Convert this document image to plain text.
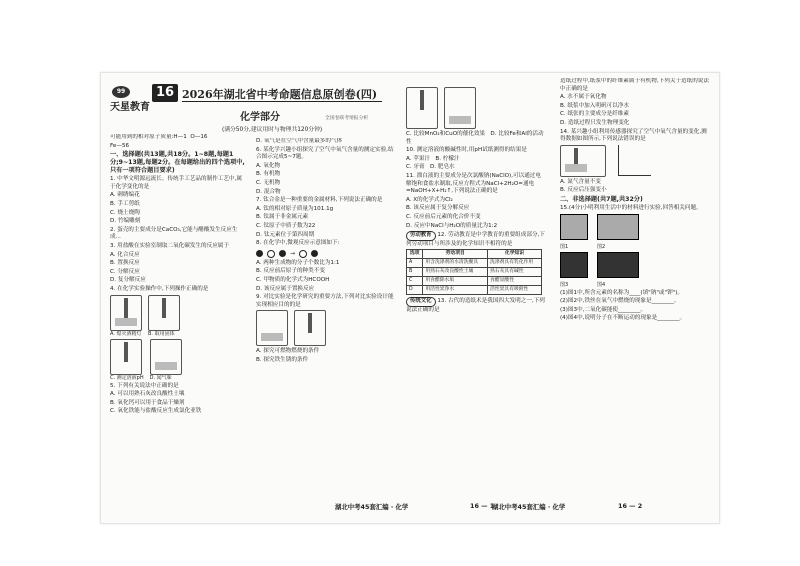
99
天星教育
16 2026年湖北省中考命题信息原创卷(四)
化学部分
(满分50分,建议用时与物理共120分钟)
全国卷联考情报分析

可能用到的相对原子质量:H—1  O—16

Fe—56

一、选择题(共13题,共18分。1~8题,每题1分;9~13题,每题2分。在每题给出的四个选项中,只有一项符合题目要求)

1. 中华文明源远流长。传统手工艺品的制作工艺中,属于化学变化的是

A. 刺绣编花

B. 手工剪纸

C. 烧土烧陶

D. 竹编雕刻

2. 蛋壳的主要成分是CaCO₃,它能与醋酸发生反应生成...

3. 用盐酸在实验室制取二氧化碳发生的反应属于

A. 化合反应

B. 置换反应

C. 分解反应

D. 复分解反应

4. 在化学实验操作中,下列操作正确的是

A. 熄灭酒精灯 B. 取用固体
C. 测定溶液pH D. 闻气味

5. 下列有关说法中正确的是

A. 可以用熟石灰改良酸性土壤

B. 氧化钙可以用于食品干燥剂

C. 氧化铁能与盐酸反应生成氯化亚铁

D. 氧气是在空气中含量最多的气体

6. 某化学兴趣小组探究了空气中氧气含量的测定实验,结合图示完成5~7题。

A. 氧化物

B. 有机物

C. 无机物

D. 混合物

7. 钛合金是一种重要的金属材料,下列说法正确的是

A. 钛的相对原子质量为101.1g

B. 钛属于非金属元素

C. 钛原子中质子数为22

D. 钛元素位于第四周期

8. 在化学中,微观反应示意图如下:

→

A. 两种生成物的分子个数比为1:1

B. 反应前后原子的种类不变

C. 甲物质的化学式为HCOOH

D. 该反应属于置换反应

9. 对比实验是化学研究的重要方法,下列对比实验设计能实现相应目的的是

A. 探究可燃物燃烧的条件

B. 探究铁生锈的条件

C. 比较MnO₂和CuO的催化效果   D. 比较Fe和Al的活动性

10. 测定溶液的酸碱性时,用pH试纸测得的结果是

A. 苹果汁 B. 柠檬汁

C. 牙膏 D. 肥皂水

11. 漂白液的主要成分是次氯酸钠(NaClO),可以通过电解饱和食盐水制取,反应方程式为NaCl+2H₂O=通电=NaOH+X+H₂↑,下列说法正确的是

A. X的化学式为Cl₂

B. 该反应属于复分解反应

C. 反应前后元素的化合价不变

D. 反应中NaCl与H₂O的质量比为1:2

劳动教育 12. 劳动教育是中学教育的重要组成部分,下列劳动项目与所涉及的化学知识不相符的是

选项	劳动项目	化学知识
A	用含洗涤剂的水清洗餐具	洗涤剂具有乳化作用
B	用熟石灰改良酸性土壤	熟石灰具有碱性
C	用食醋除水垢	食醋显酸性
D	用活性炭净水	活性炭具有吸附性

传统文化 13. 古代的造纸术是我国四大发明之一,下列说法正确的是

造纸过程中,纸浆中的纤维素属于有机物,下列关于造纸的说法中正确的是

A. 水不属于氧化物

B. 纸浆中加入明矾可以净水

C. 纸张的主要成分是纤维素

D. 造纸过程只发生物理变化

14. 某兴趣小组利用传感器探究了空气中氧气含量的变化,测得数据如图所示,下列说法错误的是

A. 氮气含量不变

B. 反应后压强变小

二、非选择题(共7题,共32分)

15.(4分)小明利用生活中的材料进行实验,回答相关问题。

图1	图2
图3	图4

(1)图1中,所含元素的名称为____(填"钠"或"钾")。

(2)图2中,铁丝在氧气中燃烧的现象是________。

(3)图3中,二氧化碳能使________。

(4)图4中,说明分子在不断运动的现象是________。

湖北中考45套汇编 · 化学	16 — 1
湖北中考45套汇编 · 化学	16 — 2
